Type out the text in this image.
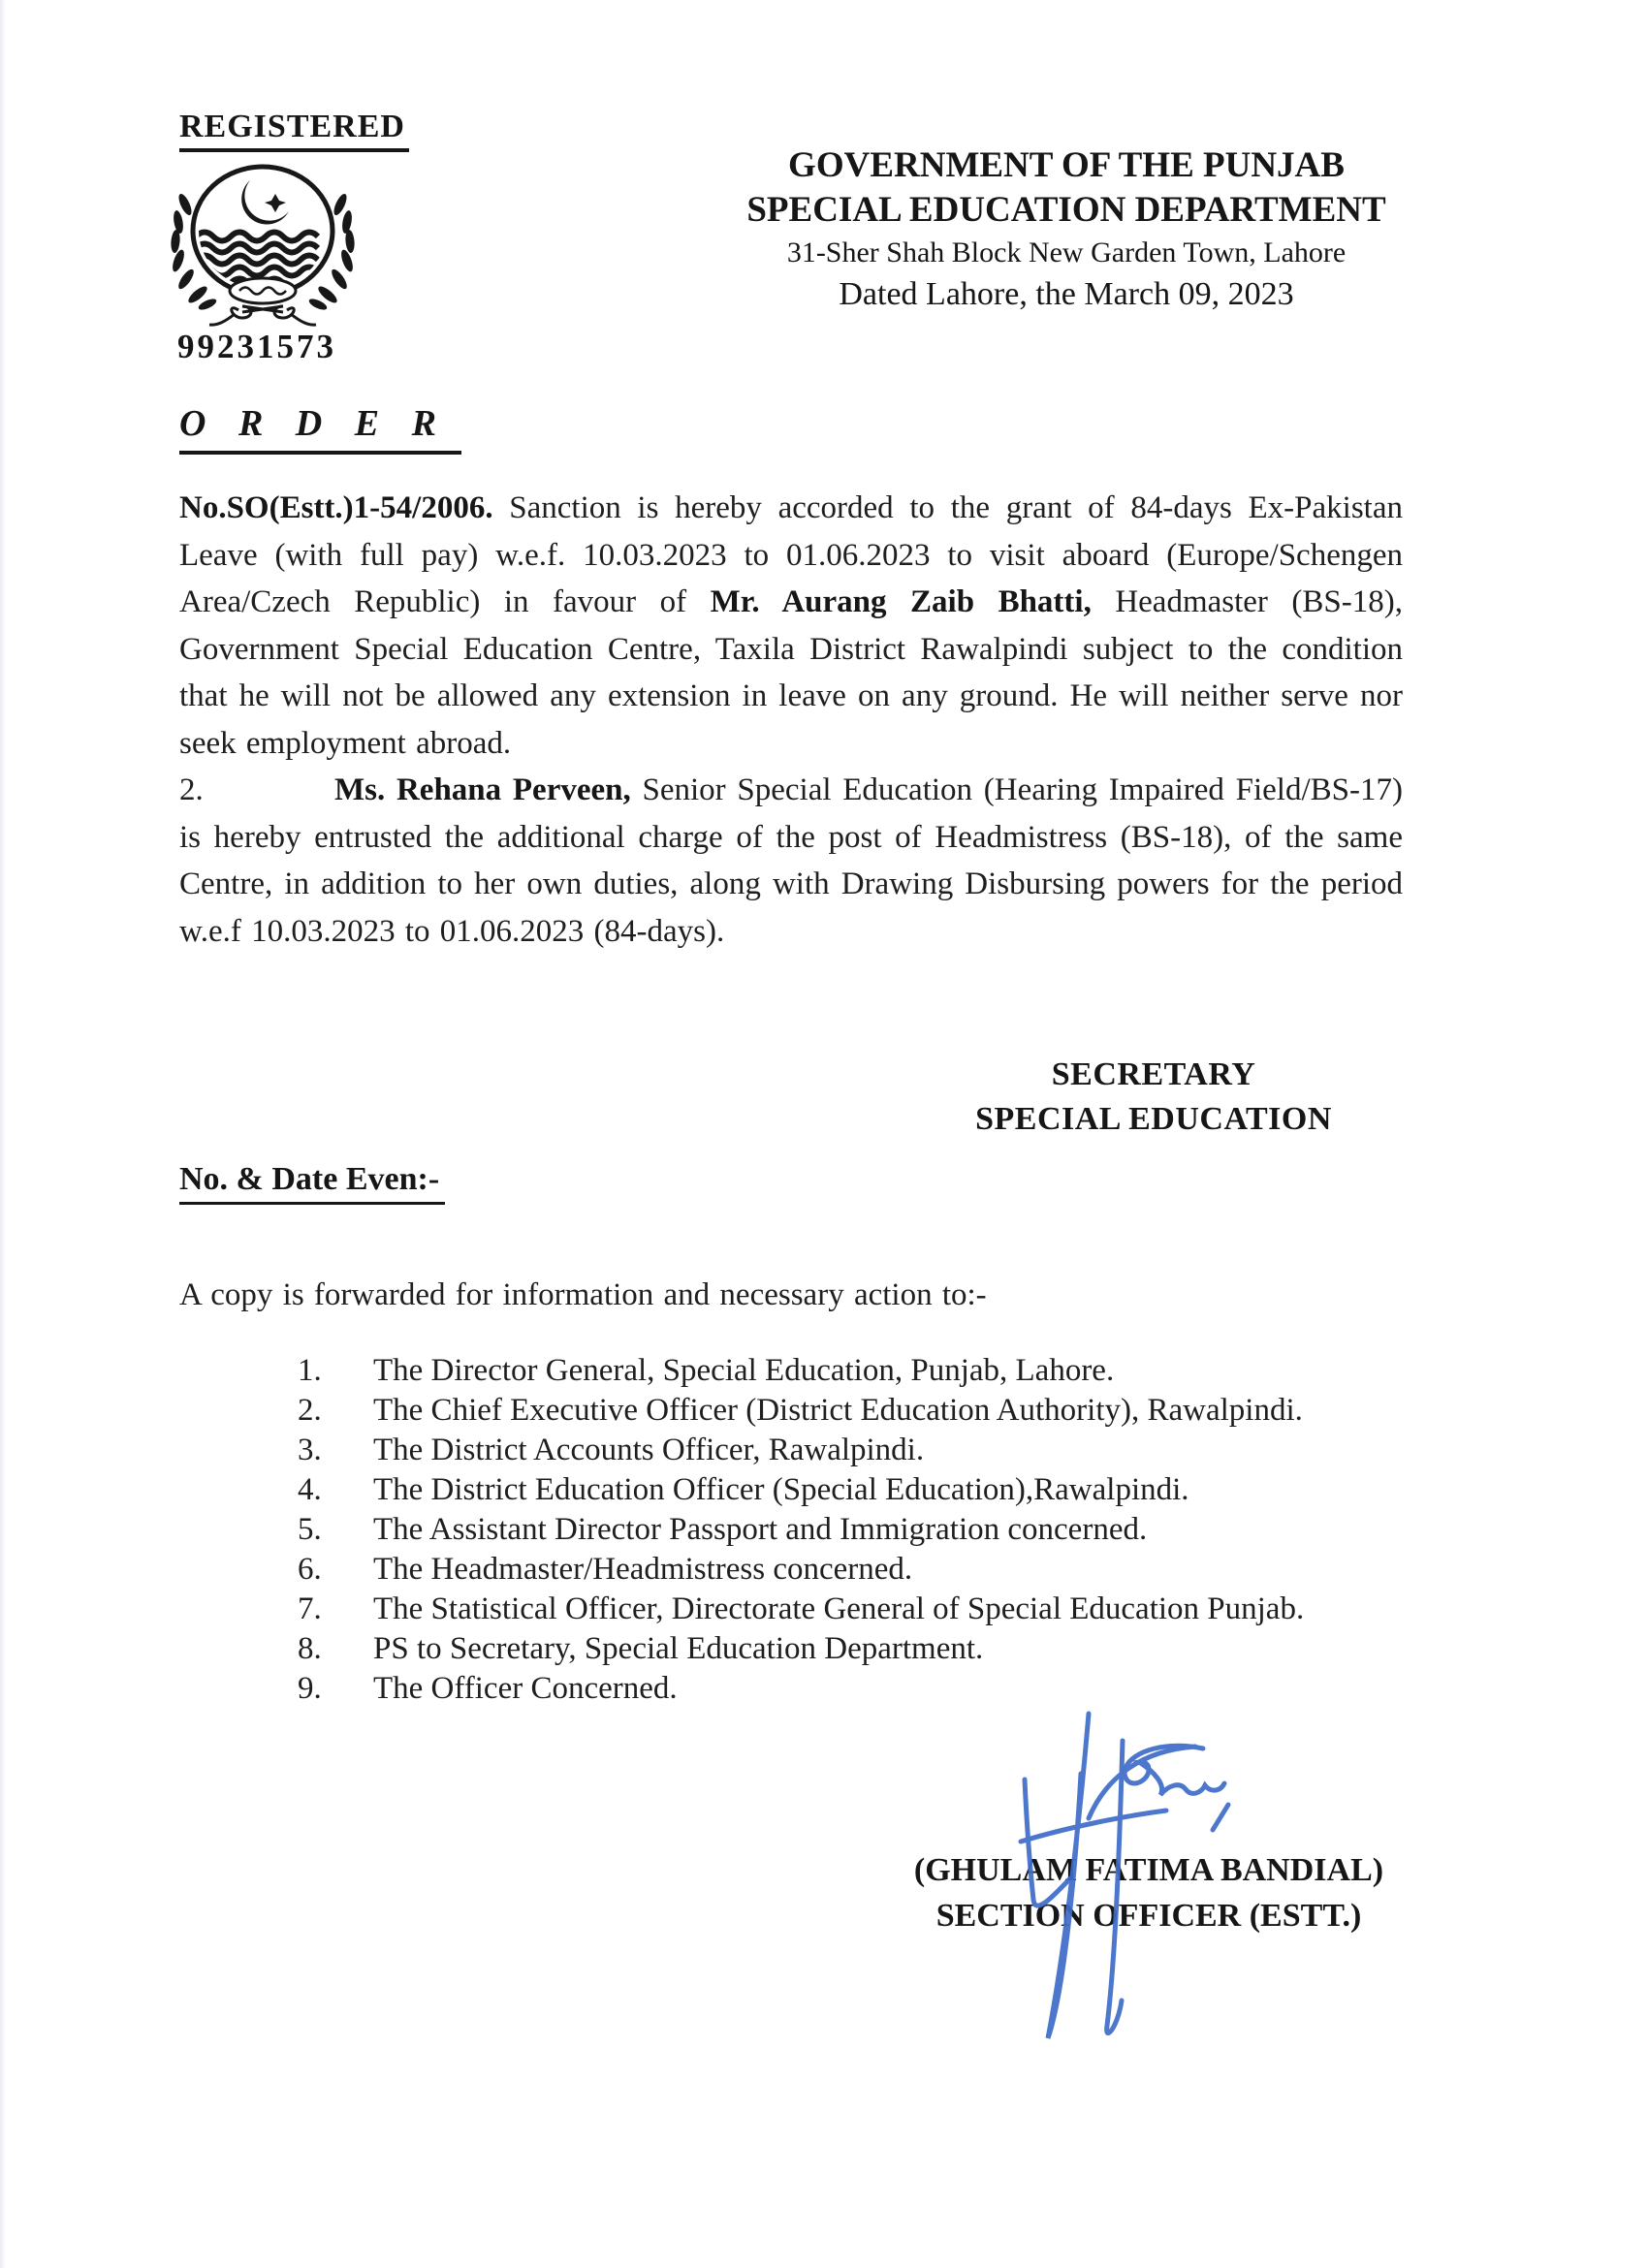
REGISTERED
99231573
GOVERNMENT OF THE PUNJAB
SPECIAL EDUCATION DEPARTMENT
31-Sher Shah Block New Garden Town, Lahore
Dated Lahore, the March 09, 2023
O R D E R

No.SO(Estt.)1-54/2006. Sanction is hereby accorded to the grant of 84-days Ex-Pakistan Leave (with full pay) w.e.f. 10.03.2023 to 01.06.2023 to visit aboard (Europe/Schengen Area/Czech Republic) in favour of Mr. Aurang Zaib Bhatti, Headmaster (BS-18), Government Special Education Centre, Taxila District Rawalpindi subject to the condition that he will not be allowed any extension in leave on any ground. He will neither serve nor seek employment abroad.

2.	Ms. Rehana Perveen, Senior Special Education (Hearing Impaired Field/BS-17) is hereby entrusted the additional charge of the post of Headmistress (BS-18), of the same Centre, in addition to her own duties, along with Drawing Disbursing powers for the period w.e.f 10.03.2023 to 01.06.2023 (84-days).

SECRETARY
SPECIAL EDUCATION
No. & Date Even:-
A copy is forwarded for information and necessary action to:-
1.	The Director General, Special Education, Punjab, Lahore.
2.	The Chief Executive Officer (District Education Authority), Rawalpindi.
3.	The District Accounts Officer, Rawalpindi.
4.	The District Education Officer (Special Education),Rawalpindi.
5.	The Assistant Director Passport and Immigration concerned.
6.	The Headmaster/Headmistress concerned.
7.	The Statistical Officer, Directorate General of Special Education Punjab.
8.	PS to Secretary, Special Education Department.
9.	The Officer Concerned.
(GHULAM FATIMA BANDIAL)
SECTION OFFICER (ESTT.)
